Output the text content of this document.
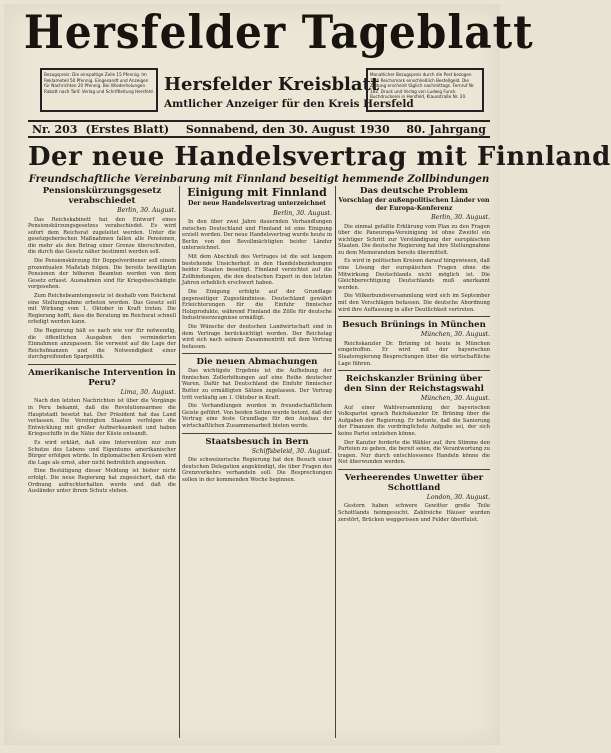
Hersfelder Tageblatt
Bezugspreis: Die einspaltige Zeile 15 Pfennig. Im Reklameteil 50 Pfennig. Eingesandt und Anzeigen für Nachrichten 20 Pfennig. Bei Wiederholungen Rabatt nach Tarif. Verlag und Schriftleitung Hersfeld. Hersfelder Kreisblatt
Amtlicher Anzeiger für den Kreis Hersfeld
Monatlicher Bezugspreis durch die Post bezogen 1.80 Reichsmark einschließlich Bestellgeld. Die Zeitung erscheint täglich nachmittags. Fernruf Nr. 182. Druck und Verlag von Ludwig Funck Buchdruckerei in Hersfeld, Klausstraße Nr. 20.
Nr. 203 (Erstes Blatt) Sonnabend, den 30. August 1930 80. Jahrgang
Der neue Handelsvertrag mit Finnland
Freundschaftliche Vereinbarung mit Finnland beseitigt hemmende Zollbindungen
Pensionskürzungsgesetz verabschiedet
Berlin, 30. August.

Das Reichskabinett hat den Entwurf eines Pensionskürzungsgesetzes verabschiedet. Es wird sofort dem Reichsrat zugeleitet werden. Unter die gesetzgeberischen Maßnahmen fallen alle Pensionen, die mehr als den Betrag einer Grenze überschreiten, die durch das Gesetz näher bestimmt werden soll.

Die Pensionskürzung für Doppelverdiener soll einem prozentualen Maßstab folgen. Die bereits bewilligten Pensionen der höheren Beamten werden von dem Gesetz erfasst. Ausnahmen sind für Kriegsbeschädigte vorgesehen.

Zum Reichsbeamtengesetz ist deshalb vom Reichsrat eine Stellungnahme erbeten worden. Das Gesetz soll mit Wirkung vom 1. Oktober in Kraft treten. Die Regierung hofft, dass die Beratung im Reichsrat schnell erledigt werden kann.

Die Regierung hält es nach wie vor für notwendig, die öffentlichen Ausgaben den verminderten Einnahmen anzupassen. Sie verweist auf die Lage der Reichsfinanzen und die Notwendigkeit einer durchgreifenden Sparpolitik.

Amerikanische Intervention in Peru?
Lima, 30. August.

Nach den letzten Nachrichten ist über die Vorgänge in Peru bekannt, daß die Revolutionsarmee die Hauptstadt besetzt hat. Der Präsident hat das Land verlassen. Die Vereinigten Staaten verfolgen die Entwicklung mit großer Aufmerksamkeit und haben Kriegsschiffe in die Nähe der Küste entsandt.

Es wird erklärt, daß eine Intervention nur zum Schutze des Lebens und Eigentums amerikanischer Bürger erfolgen würde. In diplomatischen Kreisen wird die Lage als ernst, aber nicht bedrohlich angesehen.

Eine Bestätigung dieser Meldung ist bisher nicht erfolgt. Die neue Regierung hat zugesichert, daß die Ordnung aufrechterhalten werde und daß die Ausländer unter ihrem Schutz stehen.

Einigung mit Finnland
Der neue Handelsvertrag unterzeichnet
Berlin, 30. August.

In den über zwei Jahre dauernden Verhandlungen zwischen Deutschland und Finnland ist eine Einigung erzielt worden. Der neue Handelsvertrag wurde heute in Berlin von den Bevollmächtigten beider Länder unterzeichnet.

Mit dem Abschluß des Vertrages ist die seit langem bestehende Unsicherheit in den Handelsbeziehungen beider Staaten beseitigt. Finnland verzichtet auf die Zollbindungen, die den deutschen Export in den letzten Jahren erheblich erschwert haben.

Die Einigung erfolgte auf der Grundlage gegenseitiger Zugeständnisse. Deutschland gewährt Erleichterungen für die Einfuhr finnischer Holzprodukte, während Finnland die Zölle für deutsche Industrieerzeugnisse ermäßigt.

Die Wünsche der deutschen Landwirtschaft sind in dem Vertrage berücksichtigt worden. Der Reichstag wird sich nach seinem Zusammentritt mit dem Vertrag befassen.

Die neuen Abmachungen

Das wichtigste Ergebnis ist die Aufhebung der finnischen Zollerhöhungen auf eine Reihe deutscher Waren. Dafür hat Deutschland die Einfuhr finnischer Butter zu ermäßigten Sätzen zugelassen. Der Vertrag tritt vorläufig am 1. Oktober in Kraft.

Die Verhandlungen wurden in freundschaftlichem Geiste geführt. Von beiden Seiten wurde betont, daß der Vertrag eine feste Grundlage für den Ausbau der wirtschaftlichen Zusammenarbeit bieten werde.

Staatsbesuch in Bern
Schiffsbeleid, 30. August.

Die schweizerische Regierung hat den Besuch einer deutschen Delegation angekündigt, die über Fragen des Grenzverkehrs verhandeln soll. Die Besprechungen sollen in der kommenden Woche beginnen.

Das deutsche Problem
Vorschlag der außenpolitischen Länder von der Europa-Konferenz
Berlin, 30. August.

Die einmal gefaßte Erklärung vom Plan zu den Fragen über die Paneuropa-Vereinigung ist ohne Zweifel ein wichtiger Schritt zur Verständigung der europäischen Staaten. Die deutsche Regierung hat ihre Stellungnahme zu dem Memorandum bereits übermittelt.

Es wird in politischen Kreisen darauf hingewiesen, daß eine Lösung der europäischen Fragen ohne die Mitwirkung Deutschlands nicht möglich ist. Die Gleichberechtigung Deutschlands muß anerkannt werden.

Die Völkerbundsversammlung wird sich im September mit den Vorschlägen befassen. Die deutsche Abordnung wird ihre Auffassung in aller Deutlichkeit vertreten.

Besuch Brünings in München
München, 30. August.

Reichskanzler Dr. Brüning ist heute in München eingetroffen. Er wird mit der bayerischen Staatsregierung Besprechungen über die wirtschaftliche Lage führen.

Reichskanzler Brüning über den Sinn der Reichstagswahl
München, 30. August.

Auf einer Wahlversammlung der bayerischen Volkspartei sprach Reichskanzler Dr. Brüning über die Aufgaben der Regierung. Er betonte, daß die Sanierung der Finanzen die vordringlichste Aufgabe sei, der sich keine Partei entziehen könne.

Der Kanzler forderte die Wähler auf, ihre Stimme den Parteien zu geben, die bereit seien, die Verantwortung zu tragen. Nur durch entschlossenes Handeln könne die Not überwunden werden.

Verheerendes Unwetter über Schottland
London, 30. August.

Gestern haben schwere Gewitter große Teile Schottlands heimgesucht. Zahlreiche Häuser wurden zerstört, Brücken weggerissen und Felder überflutet.
